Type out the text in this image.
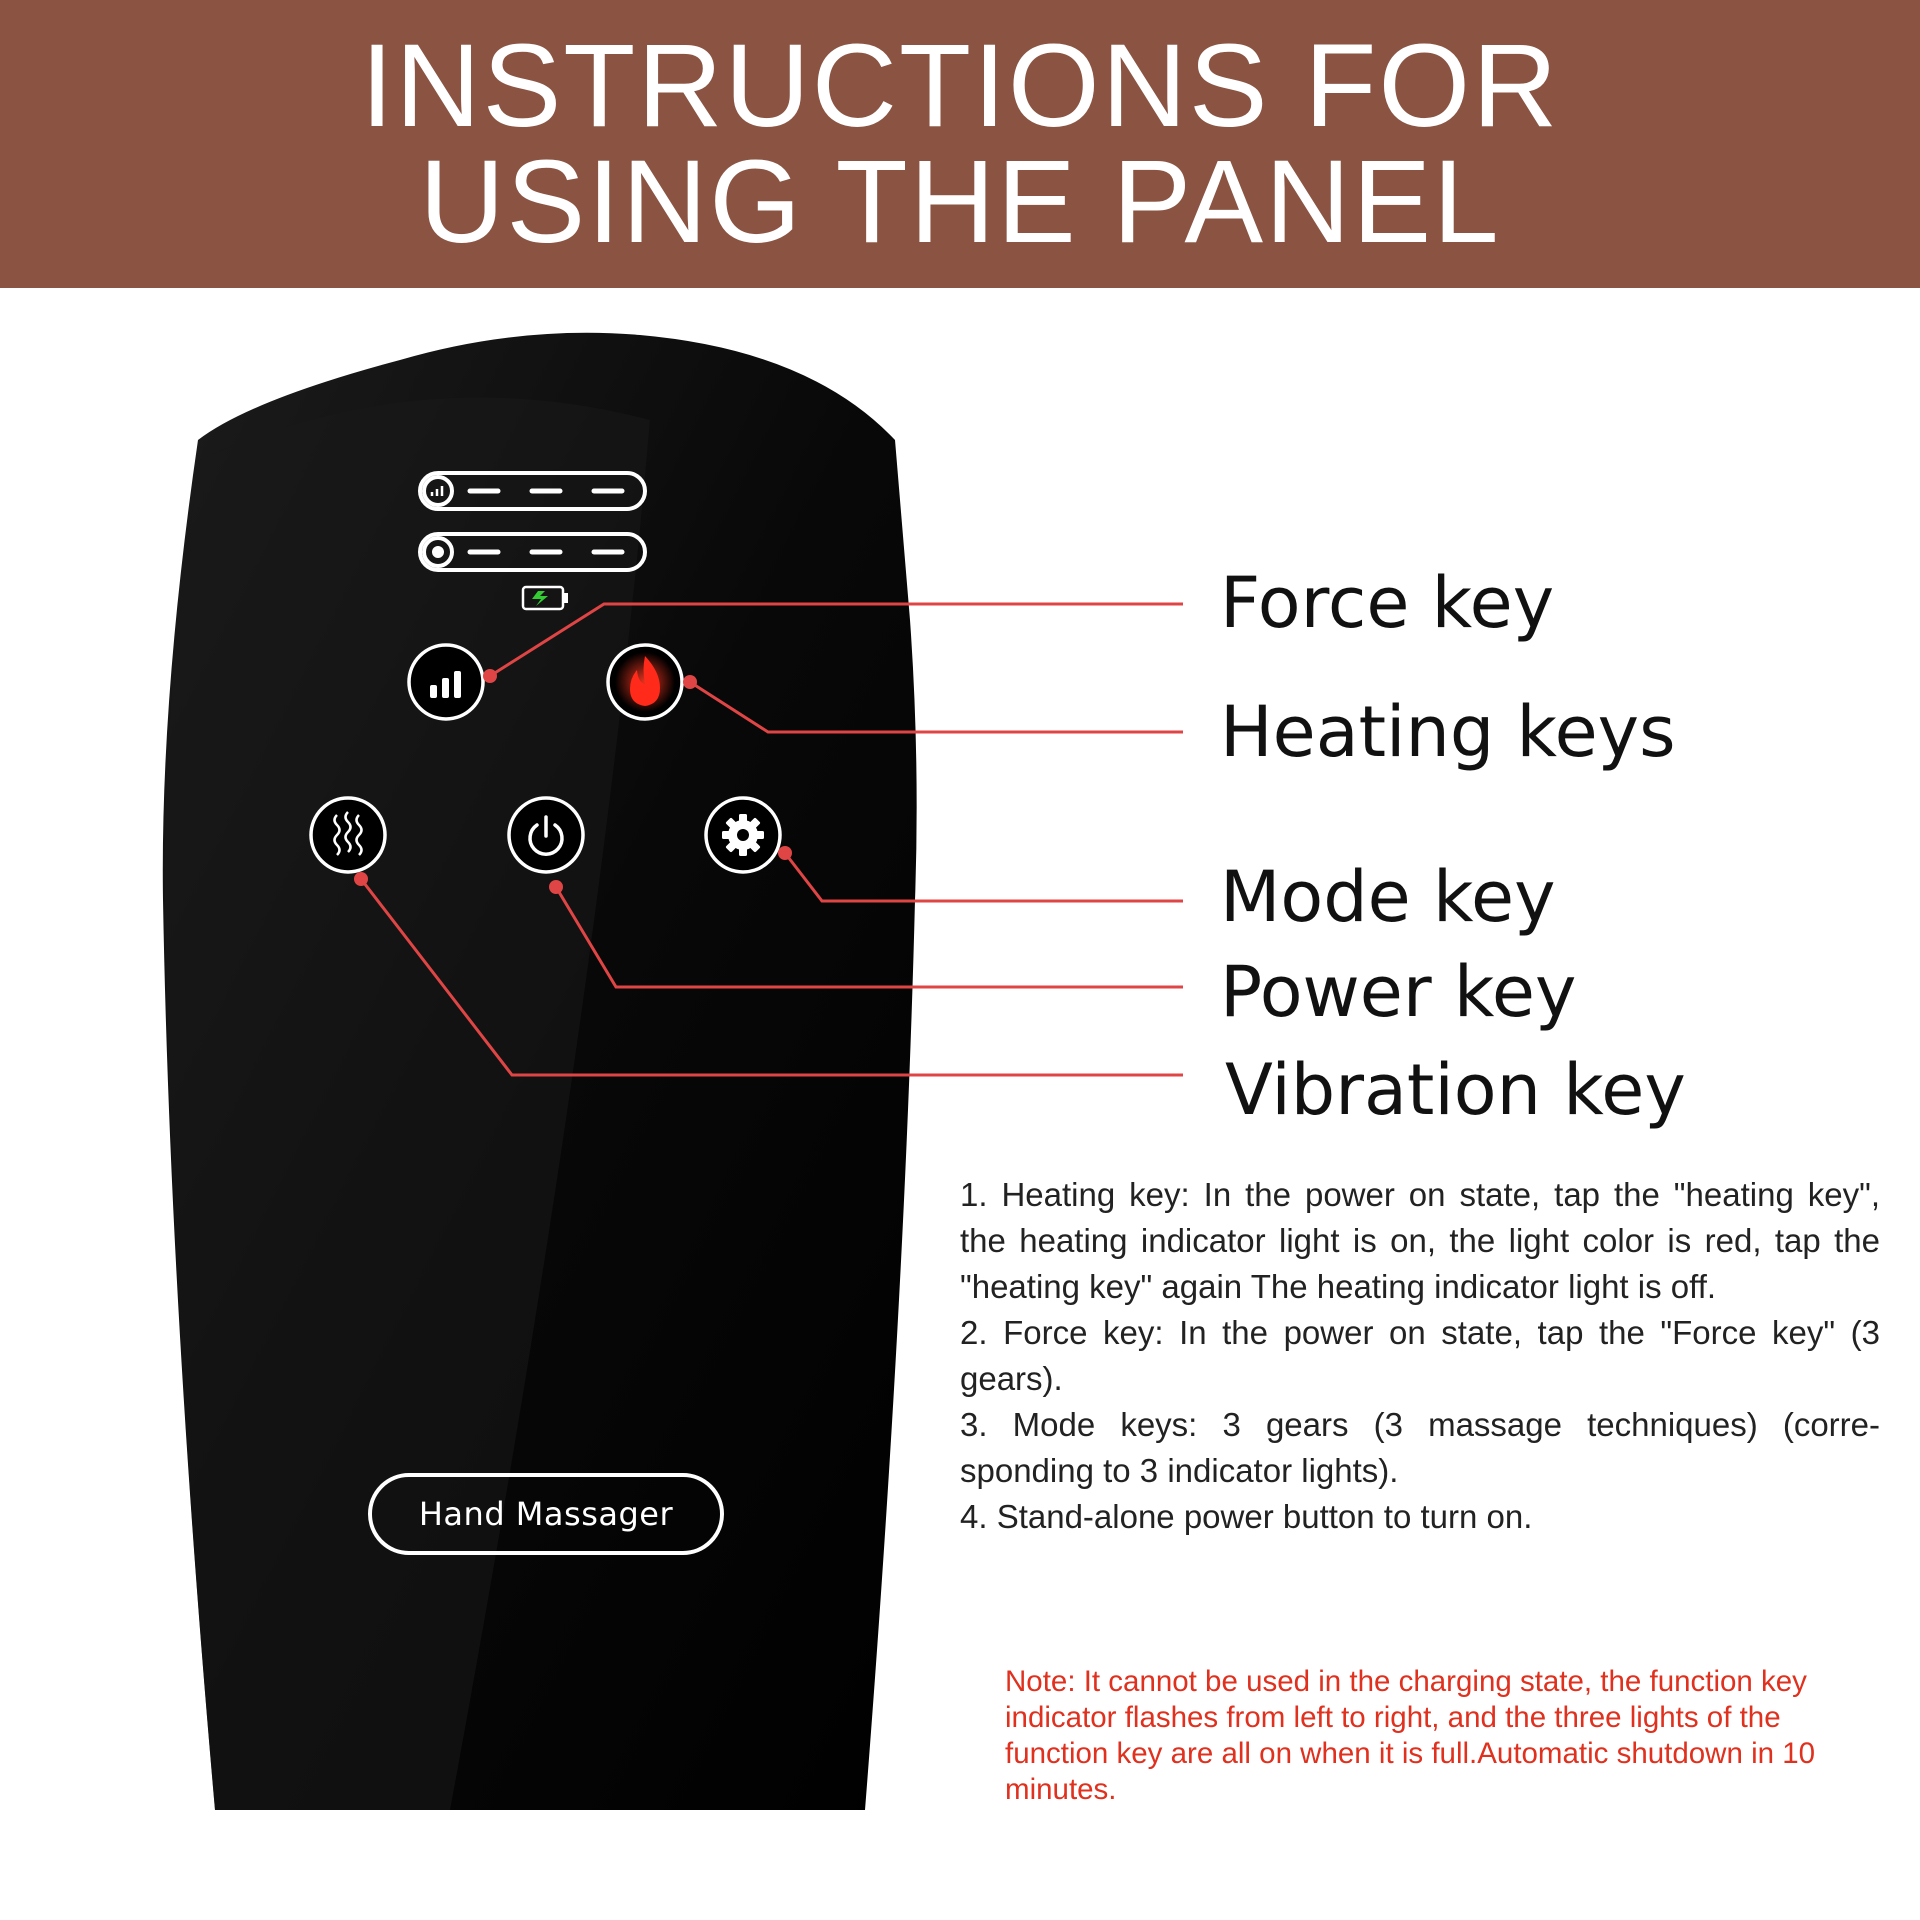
INSTRUCTIONS FOR
USING THE PANEL
Hand Massager
Force key
Heating keys
Mode key
Power key
Vibration key

1. Heating key: In the power on state, tap the "heating key", the heating indicator light is on, the light color is red, tap the "heating key" again The heating indicator light is off.

2. Force key: In the power on state, tap the "Force key" (3 gears).

3. Mode keys: 3 gears (3 massage techniques) (corre-sponding to 3 indicator lights).

4. Stand-alone power button to turn on.

Note: It cannot be used in the charging state, the function key indicator flashes from left to right, and the three lights of the function key are all on when it is full.Automatic shutdown in 10 minutes.
